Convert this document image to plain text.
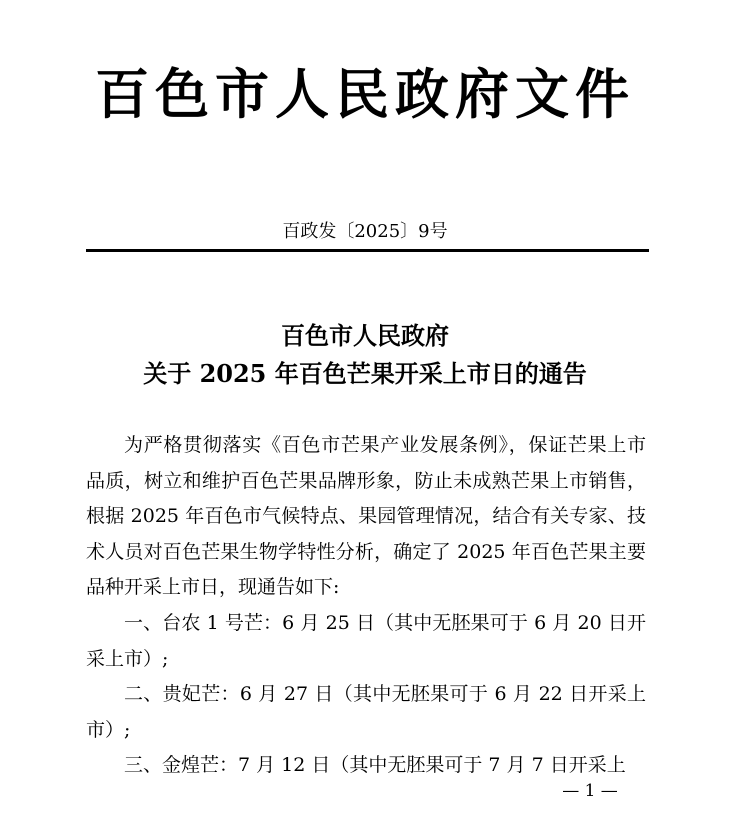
百色市人民政府文件
百政发〔2025〕9号
百色市人民政府
关于 2025 年百色芒果开采上市日的通告

为严格贯彻落实《百色市芒果产业发展条例》，保证芒果上市品质，树立和维护百色芒果品牌形象，防止未成熟芒果上市销售，根据 2025 年百色市气候特点、果园管理情况，结合有关专家、技术人员对百色芒果生物学特性分析，确定了 2025 年百色芒果主要品种开采上市日，现通告如下:

一、台农 1 号芒：6 月 25 日（其中无胚果可于 6 月 20 日开采上市）;

二、贵妃芒：6 月 27 日（其中无胚果可于 6 月 22 日开采上市）;

三、金煌芒：7 月 12 日（其中无胚果可于 7 月 7 日开采上

— 1 —
